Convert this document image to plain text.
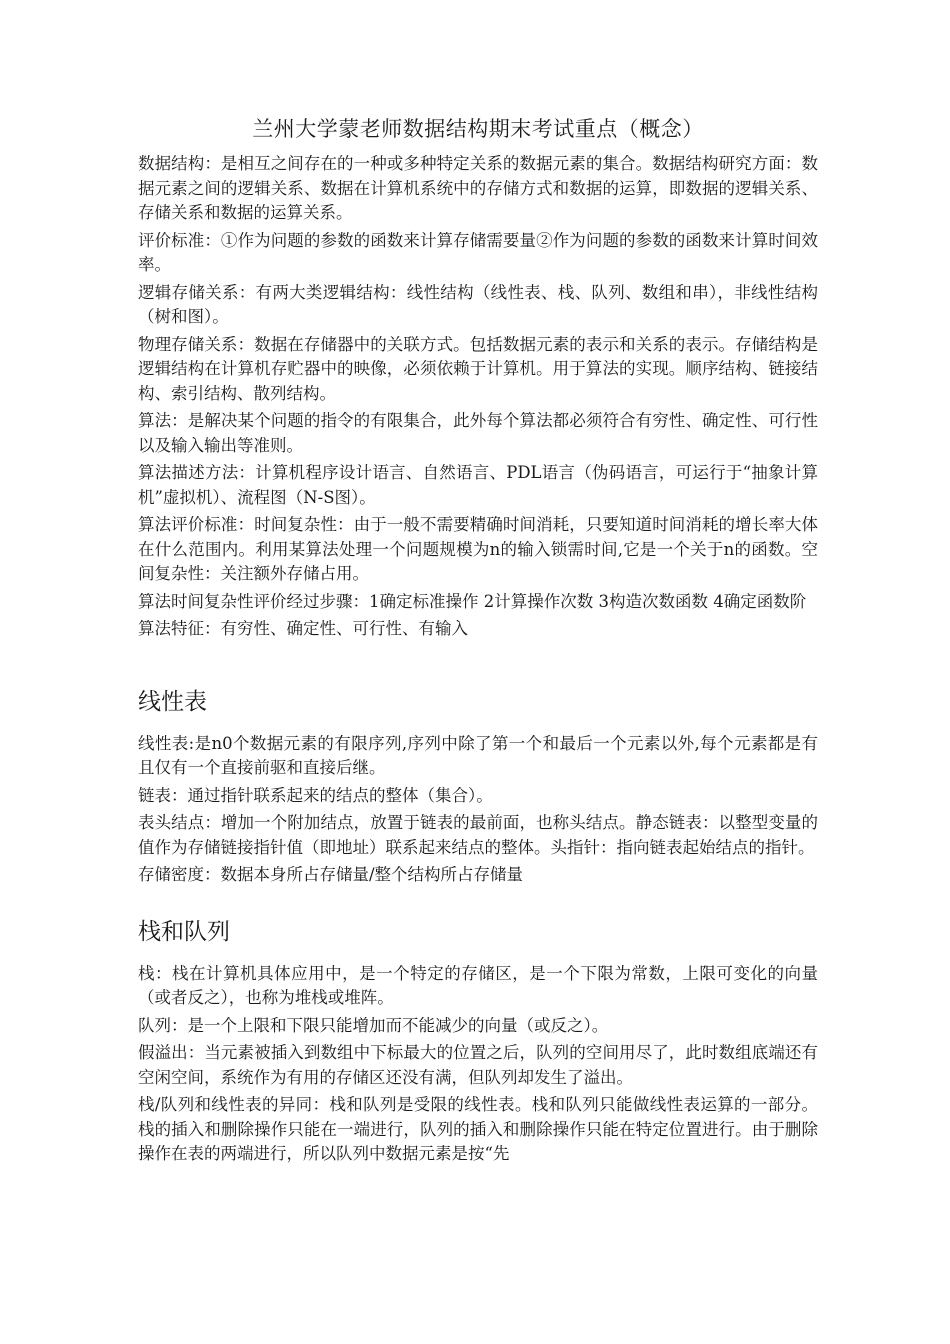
兰州大学蒙老师数据结构期末考试重点（概念）

数据结构：是相互之间存在的一种或多种特定关系的数据元素的集合。数据结构研究方面：数据元素之间的逻辑关系、数据在计算机系统中的存储方式和数据的运算，即数据的逻辑关系、存储关系和数据的运算关系。

评价标准：①作为问题的参数的函数来计算存储需要量②作为问题的参数的函数来计算时间效率。

逻辑存储关系：有两大类逻辑结构：线性结构（线性表、栈、队列、数组和串），非线性结构（树和图）。

物理存储关系：数据在存储器中的关联方式。包括数据元素的表示和关系的表示。存储结构是逻辑结构在计算机存贮器中的映像，必须依赖于计算机。用于算法的实现。顺序结构、链接结构、索引结构、散列结构。

算法：是解决某个问题的指令的有限集合，此外每个算法都必须符合有穷性、确定性、可行性以及输入输出等准则。

算法描述方法：计算机程序设计语言、自然语言、PDL语言（伪码语言，可运行于“抽象计算机”虚拟机）、流程图（N-S图）。

算法评价标准：时间复杂性：由于一般不需要精确时间消耗，只要知道时间消耗的增长率大体在什么范围内。利用某算法处理一个问题规模为n的输入锁需时间,它是一个关于n的函数。空间复杂性：关注额外存储占用。

算法时间复杂性评价经过步骤：1确定标准操作 2计算操作次数 3构造次数函数 4确定函数阶

算法特征：有穷性、确定性、可行性、有输入

线性表

线性表:是n0个数据元素的有限序列,序列中除了第一个和最后一个元素以外,每个元素都是有且仅有一个直接前驱和直接后继。

链表：通过指针联系起来的结点的整体（集合）。

表头结点：增加一个附加结点，放置于链表的最前面，也称头结点。静态链表：以整型变量的值作为存储链接指针值（即地址）联系起来结点的整体。头指针：指向链表起始结点的指针。

存储密度：数据本身所占存储量/整个结构所占存储量

栈和队列

栈：栈在计算机具体应用中，是一个特定的存储区，是一个下限为常数，上限可变化的向量（或者反之），也称为堆栈或堆阵。

队列：是一个上限和下限只能增加而不能减少的向量（或反之）。

假溢出：当元素被插入到数组中下标最大的位置之后，队列的空间用尽了，此时数组底端还有空闲空间，系统作为有用的存储区还没有满，但队列却发生了溢出。

栈/队列和线性表的异同：栈和队列是受限的线性表。栈和队列只能做线性表运算的一部分。栈的插入和删除操作只能在一端进行，队列的插入和删除操作只能在特定位置进行。由于删除操作在表的两端进行，所以队列中数据元素是按“先
